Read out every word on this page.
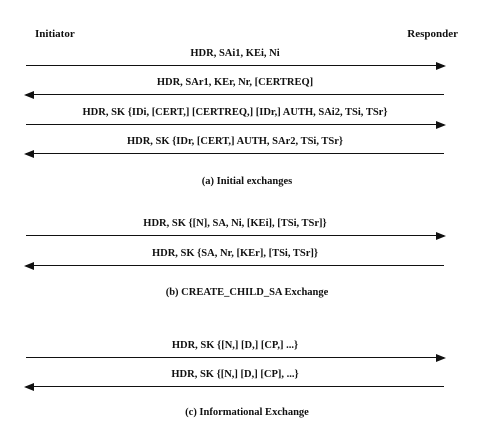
Initiator	Responder
HDR, SAi1, KEi, Ni
HDR, SAr1, KEr, Nr, [CERTREQ]
HDR, SK {IDi, [CERT,] [CERTREQ,] [IDr,] AUTH, SAi2, TSi, TSr}
HDR, SK {IDr, [CERT,] AUTH, SAr2, TSi, TSr}
(a) Initial exchanges
HDR, SK {[N], SA, Ni, [KEi], [TSi, TSr]}
HDR, SK {SA, Nr, [KEr], [TSi, TSr]}
(b) CREATE_CHILD_SA Exchange
HDR, SK {[N,] [D,] [CP,] ...}
HDR, SK {[N,] [D,] [CP], ...}
(c) Informational Exchange
